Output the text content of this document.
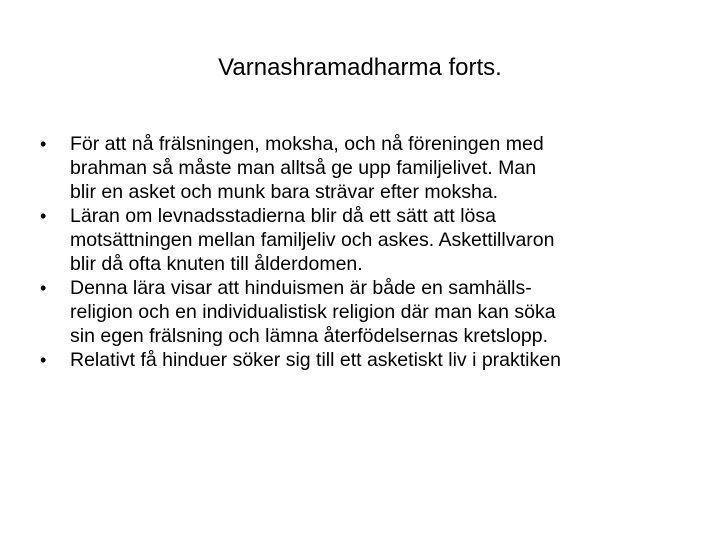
Varnashramadharma forts.
•	För att nå frälsningen, moksha, och nå föreningen med
brahman så måste man alltså ge upp familjelivet. Man
blir en asket och munk bara strävar efter moksha.
•	Läran om levnadsstadierna blir då ett sätt att lösa
motsättningen mellan familjeliv och askes. Askettillvaron
blir då ofta knuten till ålderdomen.
•	Denna lära visar att hinduismen är både en samhälls-
religion och en individualistisk religion där man kan söka
sin egen frälsning och lämna återfödelsernas kretslopp.
•	Relativt få hinduer söker sig till ett asketiskt liv i praktiken
